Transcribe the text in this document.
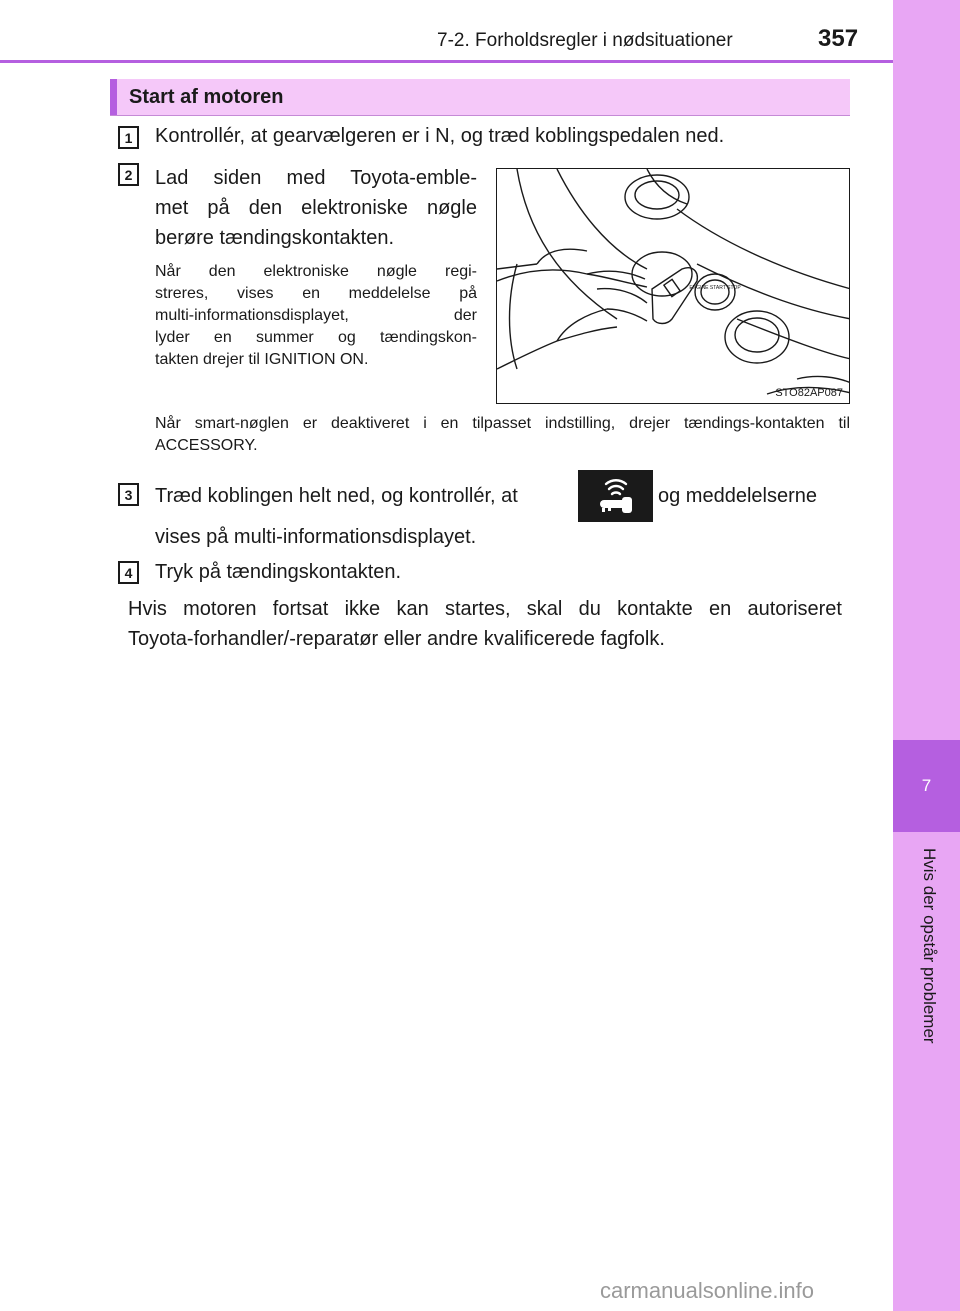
7
Hvis der opstår problemer
7-2. Forholdsregler i nødsituationer	357
Start af motoren
1	Kontrollér, at gearvælgeren er i N, og træd koblingspedalen ned.
2	Lad siden med Toyota-emble-
met på den elektroniske nøgle
berøre tændingskontakten.
Når den elektroniske nøgle regi-
streres, vises en meddelelse på
multi-informationsdisplayet, der
lyder en summer og tændingskon-
takten drejer til IGNITION ON.
ENGINE START STOP
STO82AP087
Når smart-nøglen er deaktiveret i en tilpasset indstilling, drejer tændings-kontakten til ACCESSORY.
3	Træd koblingen helt ned, og kontrollér, at	og meddelelserne
vises på multi-informationsdisplayet.
4	Tryk på tændingskontakten.
Hvis motoren fortsat ikke kan startes, skal du kontakte en autoriseret
Toyota-forhandler/-reparatør eller andre kvalificerede fagfolk.
carmanualsonline.info
